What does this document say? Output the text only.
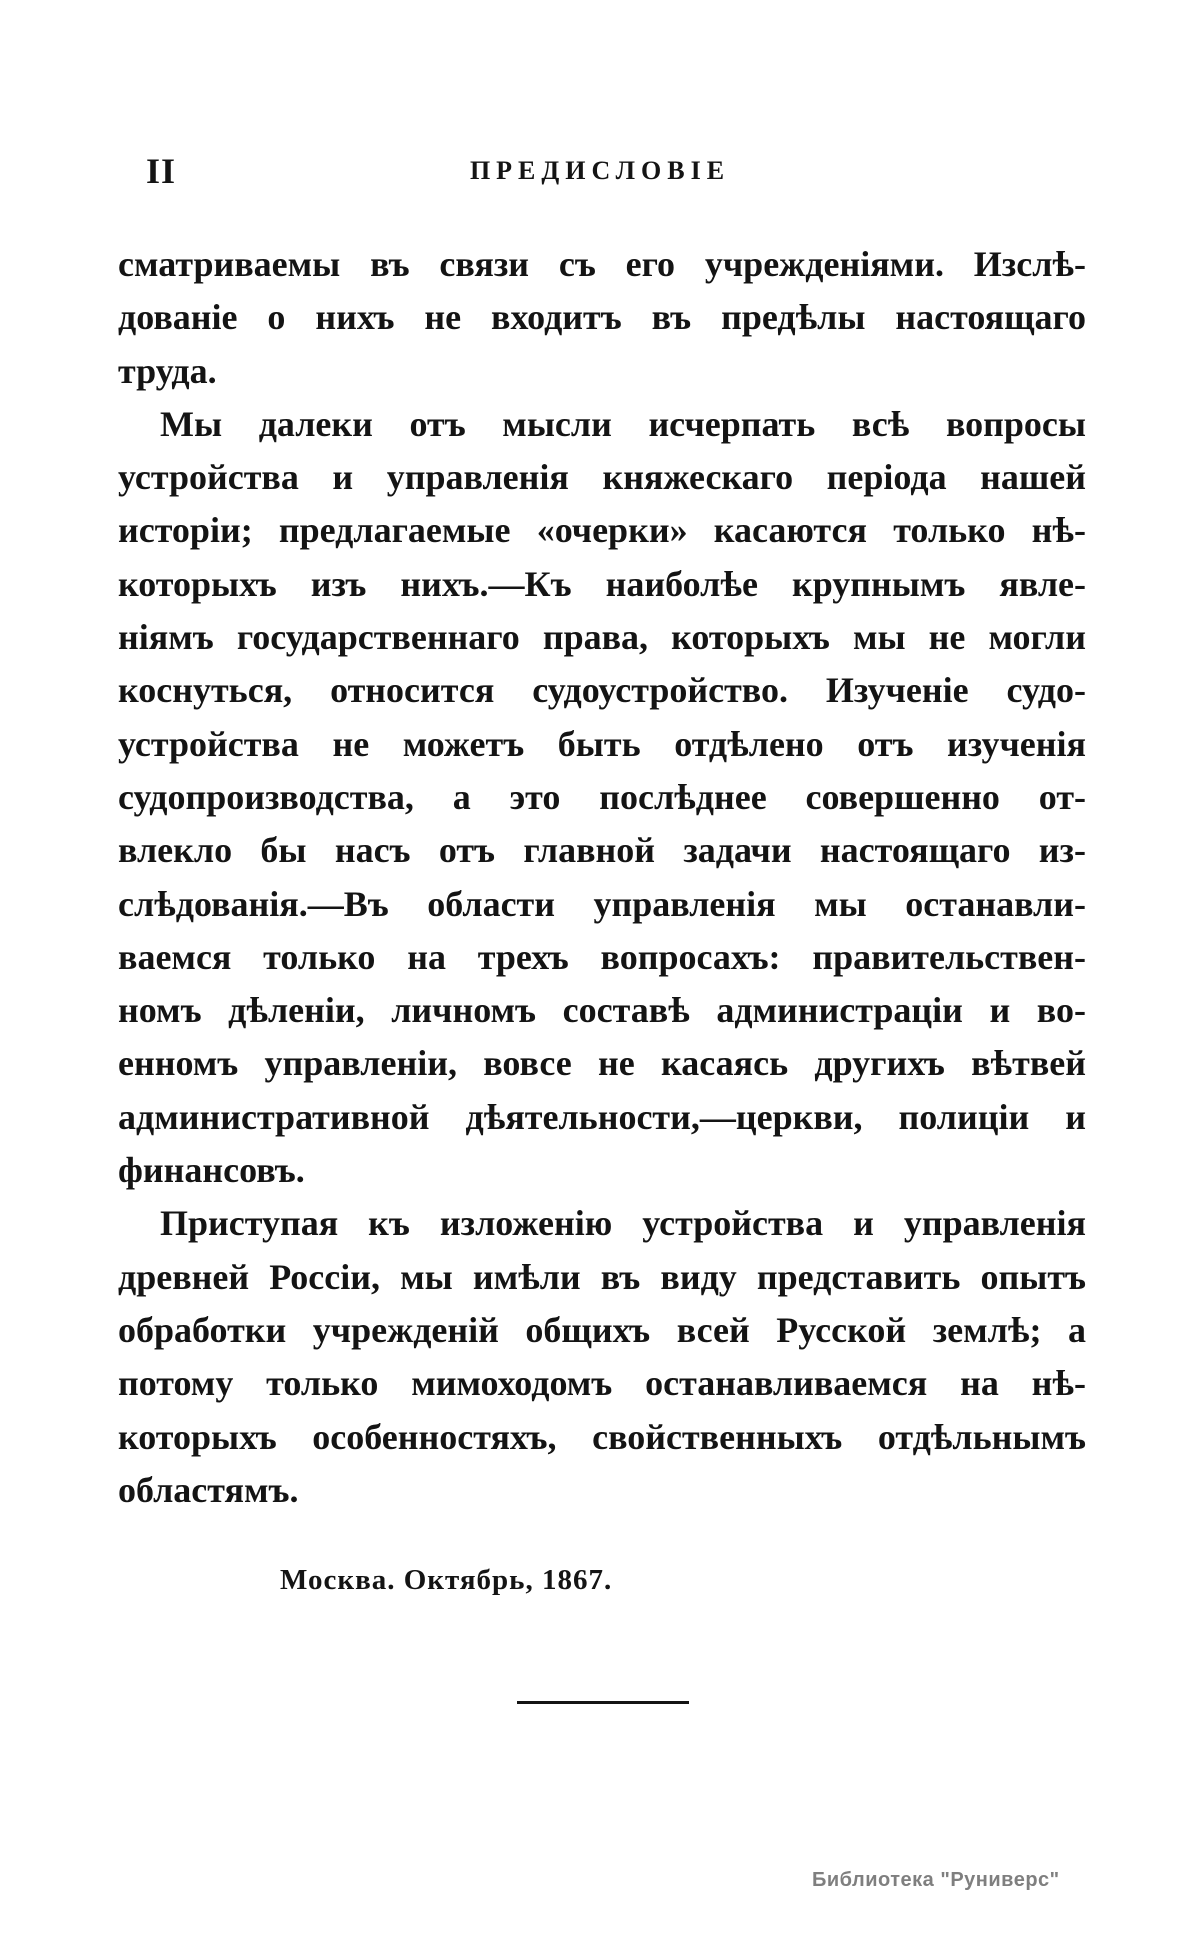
II	ПРЕДИСЛОВІЕ
сматриваемы въ связи съ его учрежденіями. Изслѣ-
дованіе о нихъ не входитъ въ предѣлы настоящаго
труда.
Мы далеки отъ мысли исчерпать всѣ вопросы
устройства и управленія княжескаго періода нашей
исторіи; предлагаемые «очерки» касаются только нѣ-
которыхъ изъ нихъ.—Къ наиболѣе крупнымъ явле-
ніямъ государственнаго права, которыхъ мы не могли
коснуться, относится судоустройство. Изученіе судо-
устройства не можетъ быть отдѣлено отъ изученія
судопроизводства, а это послѣднее совершенно от-
влекло бы насъ отъ главной задачи настоящаго из-
слѣдованія.—Въ области управленія мы останавли-
ваемся только на трехъ вопросахъ: правительствен-
номъ дѣленіи, личномъ составѣ администраціи и во-
енномъ управленіи, вовсе не касаясь другихъ вѣтвей
административной дѣятельности,—церкви, полиціи и
финансовъ.
Приступая къ изложенію устройства и управленія
древней Россіи, мы имѣли въ виду представить опытъ
обработки учрежденій общихъ всей Русской землѣ; а
потому только мимоходомъ останавливаемся на нѣ-
которыхъ особенностяхъ, свойственныхъ отдѣльнымъ
областямъ.
Москва. Октябрь, 1867.
Библиотека "Руниверс"
